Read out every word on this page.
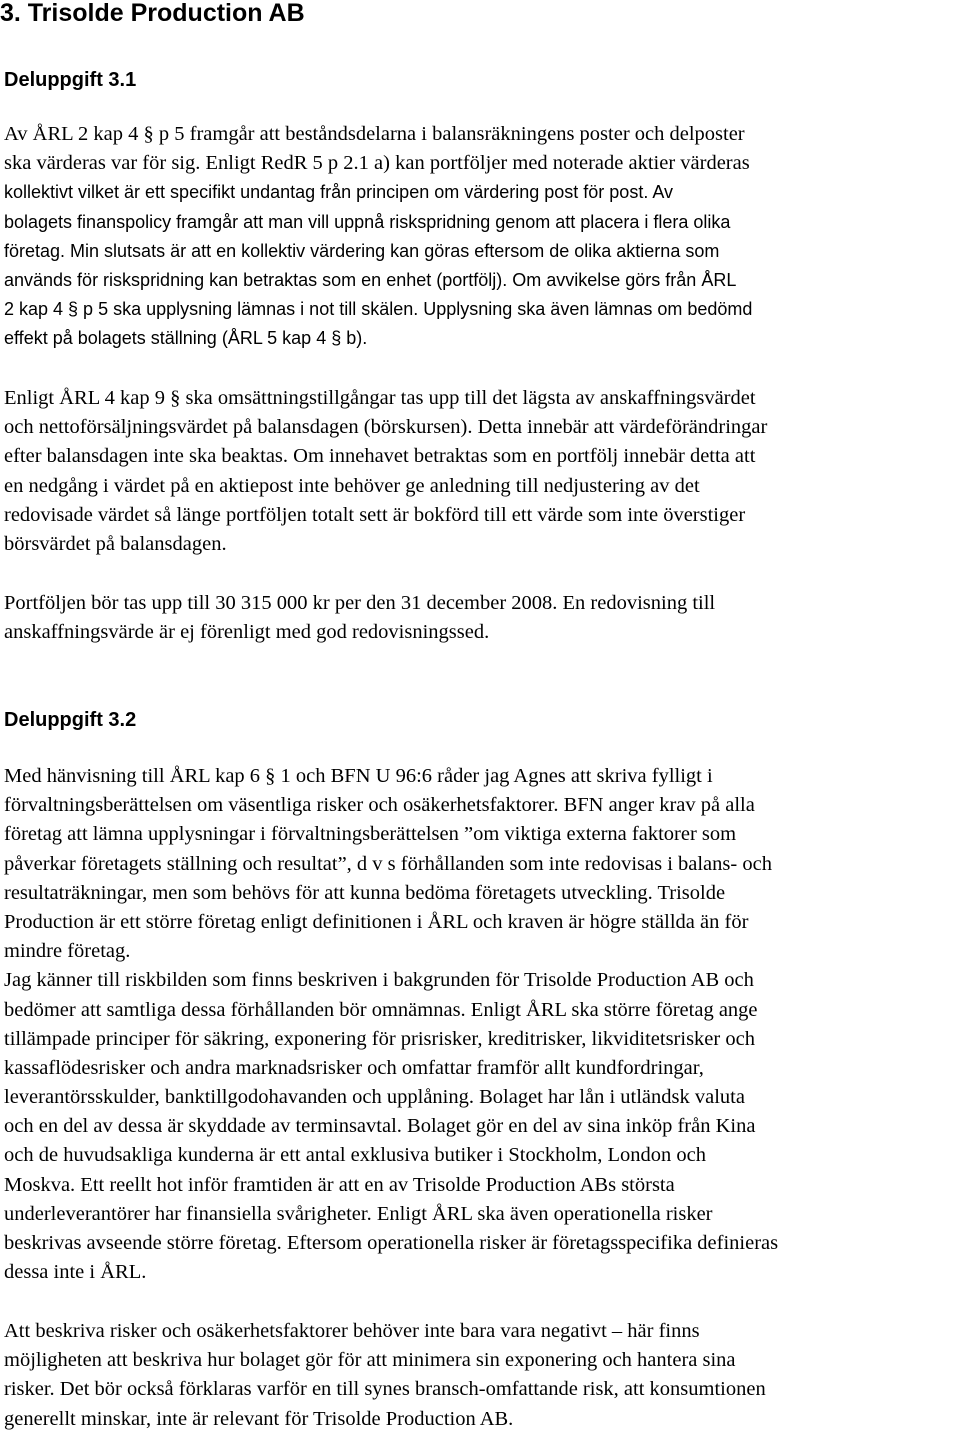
3. Trisolde Production AB
Deluppgift 3.1
Av ÅRL 2 kap 4 § p 5 framgår att beståndsdelarna i balansräkningens poster och delposter
ska värderas var för sig. Enligt RedR 5 p 2.1 a) kan portföljer med noterade aktier värderas
kollektivt vilket är ett specifikt undantag från principen om värdering post för post. Av
bolagets finanspolicy framgår att man vill uppnå riskspridning genom att placera i flera olika
företag. Min slutsats är att en kollektiv värdering kan göras eftersom de olika aktierna som
används för riskspridning kan betraktas som en enhet (portfölj). Om avvikelse görs från ÅRL
2 kap 4 § p 5 ska upplysning lämnas i not till skälen. Upplysning ska även lämnas om bedömd
effekt på bolagets ställning (ÅRL 5 kap 4 § b).
Enligt ÅRL 4 kap 9 § ska omsättningstillgångar tas upp till det lägsta av anskaffningsvärdet
och nettoförsäljningsvärdet på balansdagen (börskursen). Detta innebär att värdeförändringar
efter balansdagen inte ska beaktas. Om innehavet betraktas som en portfölj innebär detta att
en nedgång i värdet på en aktiepost inte behöver ge anledning till nedjustering av det
redovisade värdet så länge portföljen totalt sett är bokförd till ett värde som inte överstiger
börsvärdet på balansdagen.
Portföljen bör tas upp till 30 315 000 kr per den 31 december 2008. En redovisning till
anskaffningsvärde är ej förenligt med god redovisningssed.
Deluppgift 3.2
Med hänvisning till ÅRL kap 6 § 1 och BFN U 96:6 råder jag Agnes att skriva fylligt i
förvaltningsberättelsen om väsentliga risker och osäkerhetsfaktorer. BFN anger krav på alla
företag att lämna upplysningar i förvaltningsberättelsen ”om viktiga externa faktorer som
påverkar företagets ställning och resultat”, d v s förhållanden som inte redovisas i balans- och
resultaträkningar, men som behövs för att kunna bedöma företagets utveckling. Trisolde
Production är ett större företag enligt definitionen i ÅRL och kraven är högre ställda än för
mindre företag.
Jag känner till riskbilden som finns beskriven i bakgrunden för Trisolde Production AB och
bedömer att samtliga dessa förhållanden bör omnämnas. Enligt ÅRL ska större företag ange
tillämpade principer för säkring, exponering för prisrisker, kreditrisker, likviditetsrisker och
kassaflödesrisker och andra marknadsrisker och omfattar framför allt kundfordringar,
leverantörsskulder, banktillgodohavanden och upplåning. Bolaget har lån i utländsk valuta
och en del av dessa är skyddade av terminsavtal. Bolaget gör en del av sina inköp från Kina
och de huvudsakliga kunderna är ett antal exklusiva butiker i Stockholm, London och
Moskva. Ett reellt hot inför framtiden är att en av Trisolde Production ABs största
underleverantörer har finansiella svårigheter. Enligt ÅRL ska även operationella risker
beskrivas avseende större företag. Eftersom operationella risker är företagsspecifika definieras
dessa inte i ÅRL.
Att beskriva risker och osäkerhetsfaktorer behöver inte bara vara negativt – här finns
möjligheten att beskriva hur bolaget gör för att minimera sin exponering och hantera sina
risker. Det bör också förklaras varför en till synes bransch-omfattande risk, att konsumtionen
generellt minskar, inte är relevant för Trisolde Production AB.
